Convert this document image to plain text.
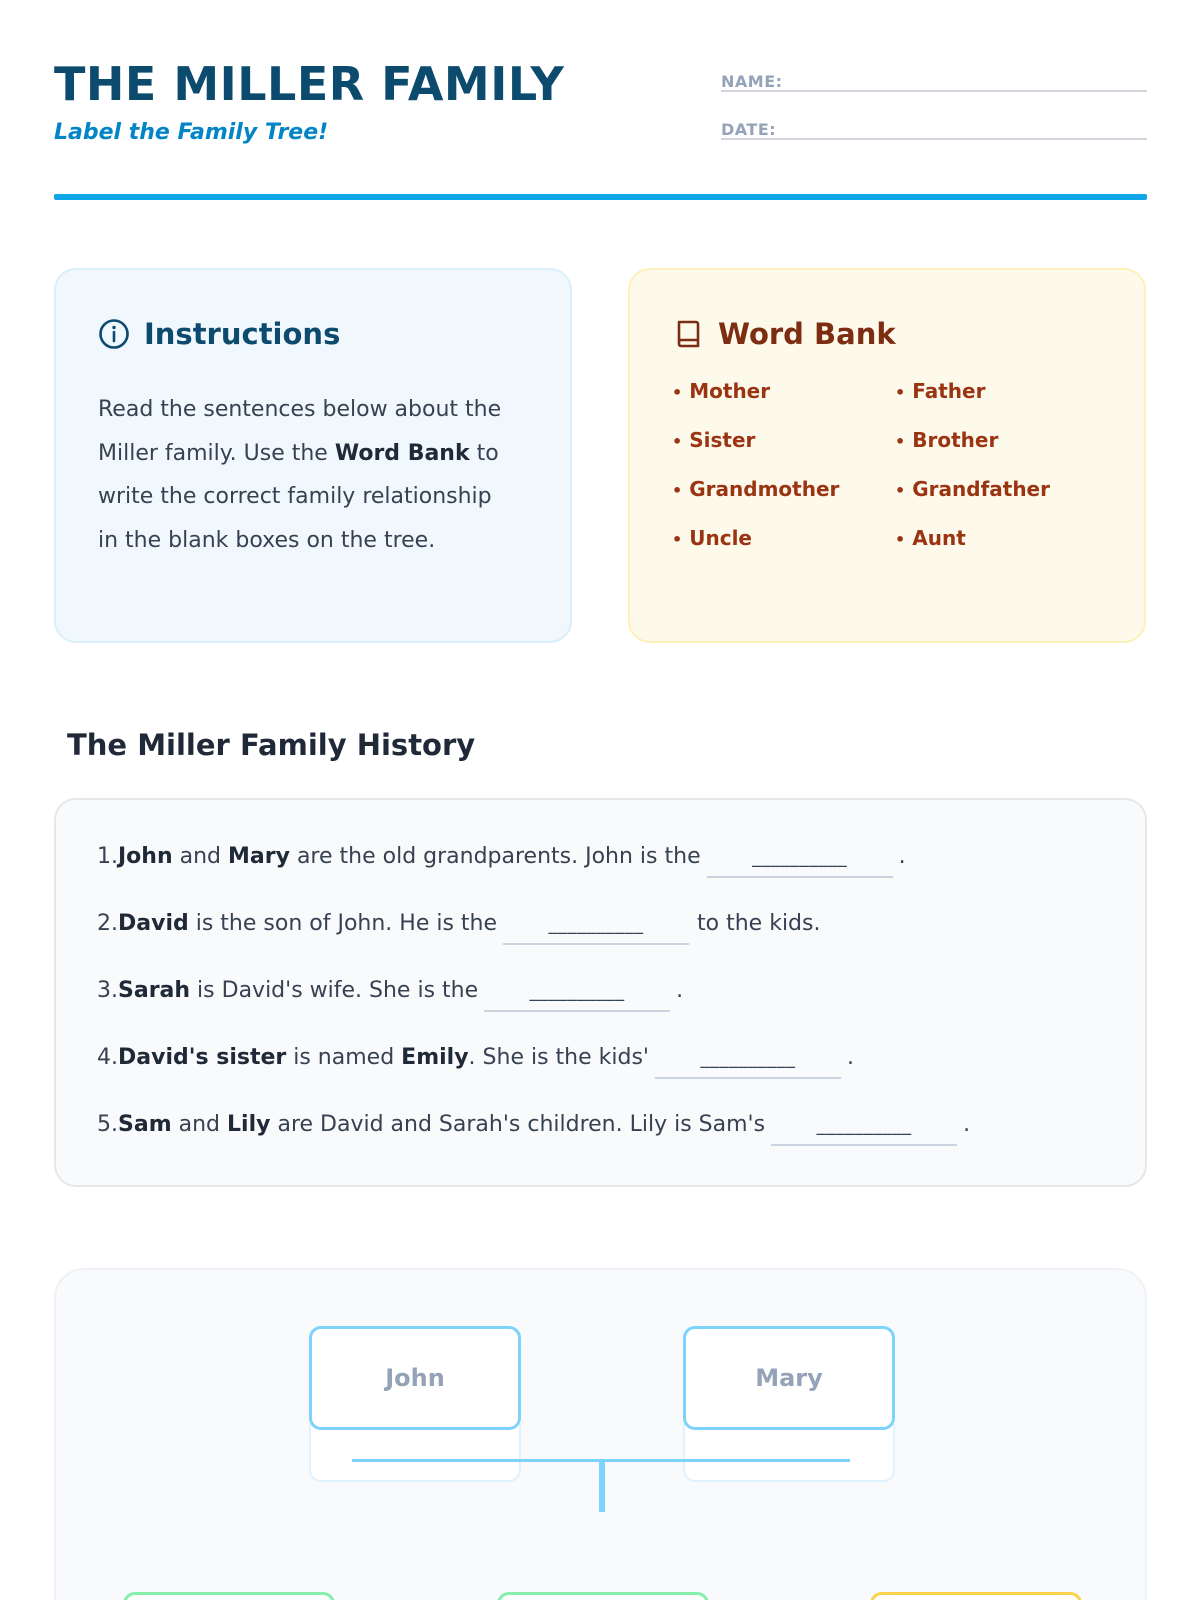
THE MILLER FAMILY
Label the Family Tree!
NAME:
DATE:
Instructions
Read the sentences below about the Miller family. Use the Word Bank to write the correct family relationship in the blank boxes on the tree.
Word Bank
• Mother	• Father
• Sister	• Brother
• Grandmother	• Grandfather
• Uncle	• Aunt
The Miller Family History
1. John and Mary are the old grandparents. John is the	__________	.
2. David is the son of John. He is the	__________	to the kids.
3. Sarah is David's wife. She is the	__________	.
4. David's sister is named Emily . She is the kids'	__________	.
5. Sam and Lily are David and Sarah's children. Lily is Sam's	__________	.
John	Mary
